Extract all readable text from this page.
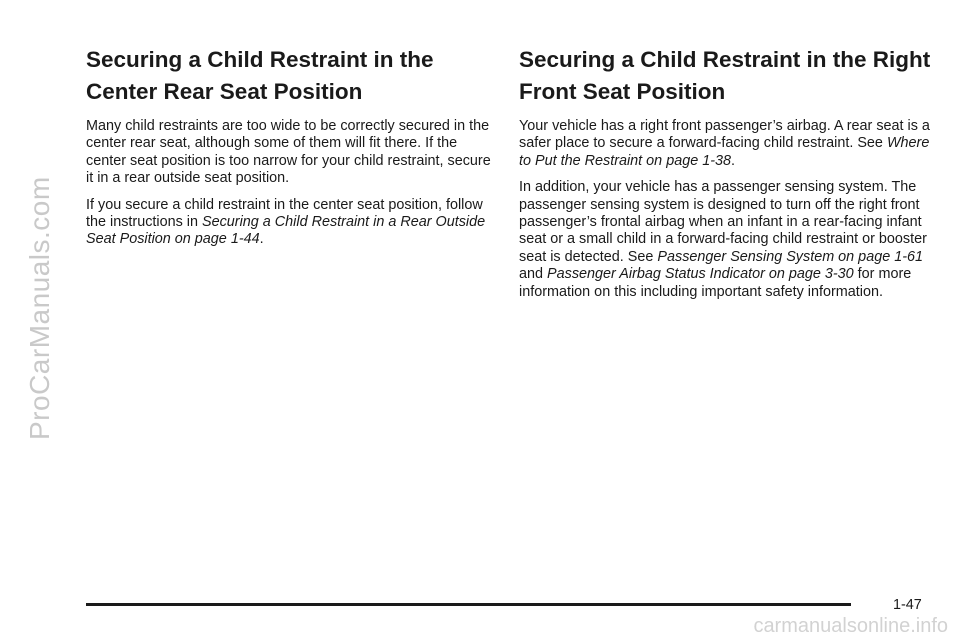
ProCarManuals.com
Securing a Child Restraint in the Center Rear Seat Position

Many child restraints are too wide to be correctly secured in the center rear seat, although some of them will fit there. If the center seat position is too narrow for your child restraint, secure it in a rear outside seat position.

If you secure a child restraint in the center seat position, follow the instructions in Securing a Child Restraint in a Rear Outside Seat Position on page 1-44.

Securing a Child Restraint in the Right Front Seat Position

Your vehicle has a right front passenger’s airbag. A rear seat is a safer place to secure a forward-facing child restraint. See Where to Put the Restraint on page 1-38.

In addition, your vehicle has a passenger sensing system. The passenger sensing system is designed to turn off the right front passenger’s frontal airbag when an infant in a rear-facing infant seat or a small child in a forward-facing child restraint or booster seat is detected. See Passenger Sensing System on page 1-61 and Passenger Airbag Status Indicator on page 3-30 for more information on this including important safety information.

1-47
carmanualsonline.info
